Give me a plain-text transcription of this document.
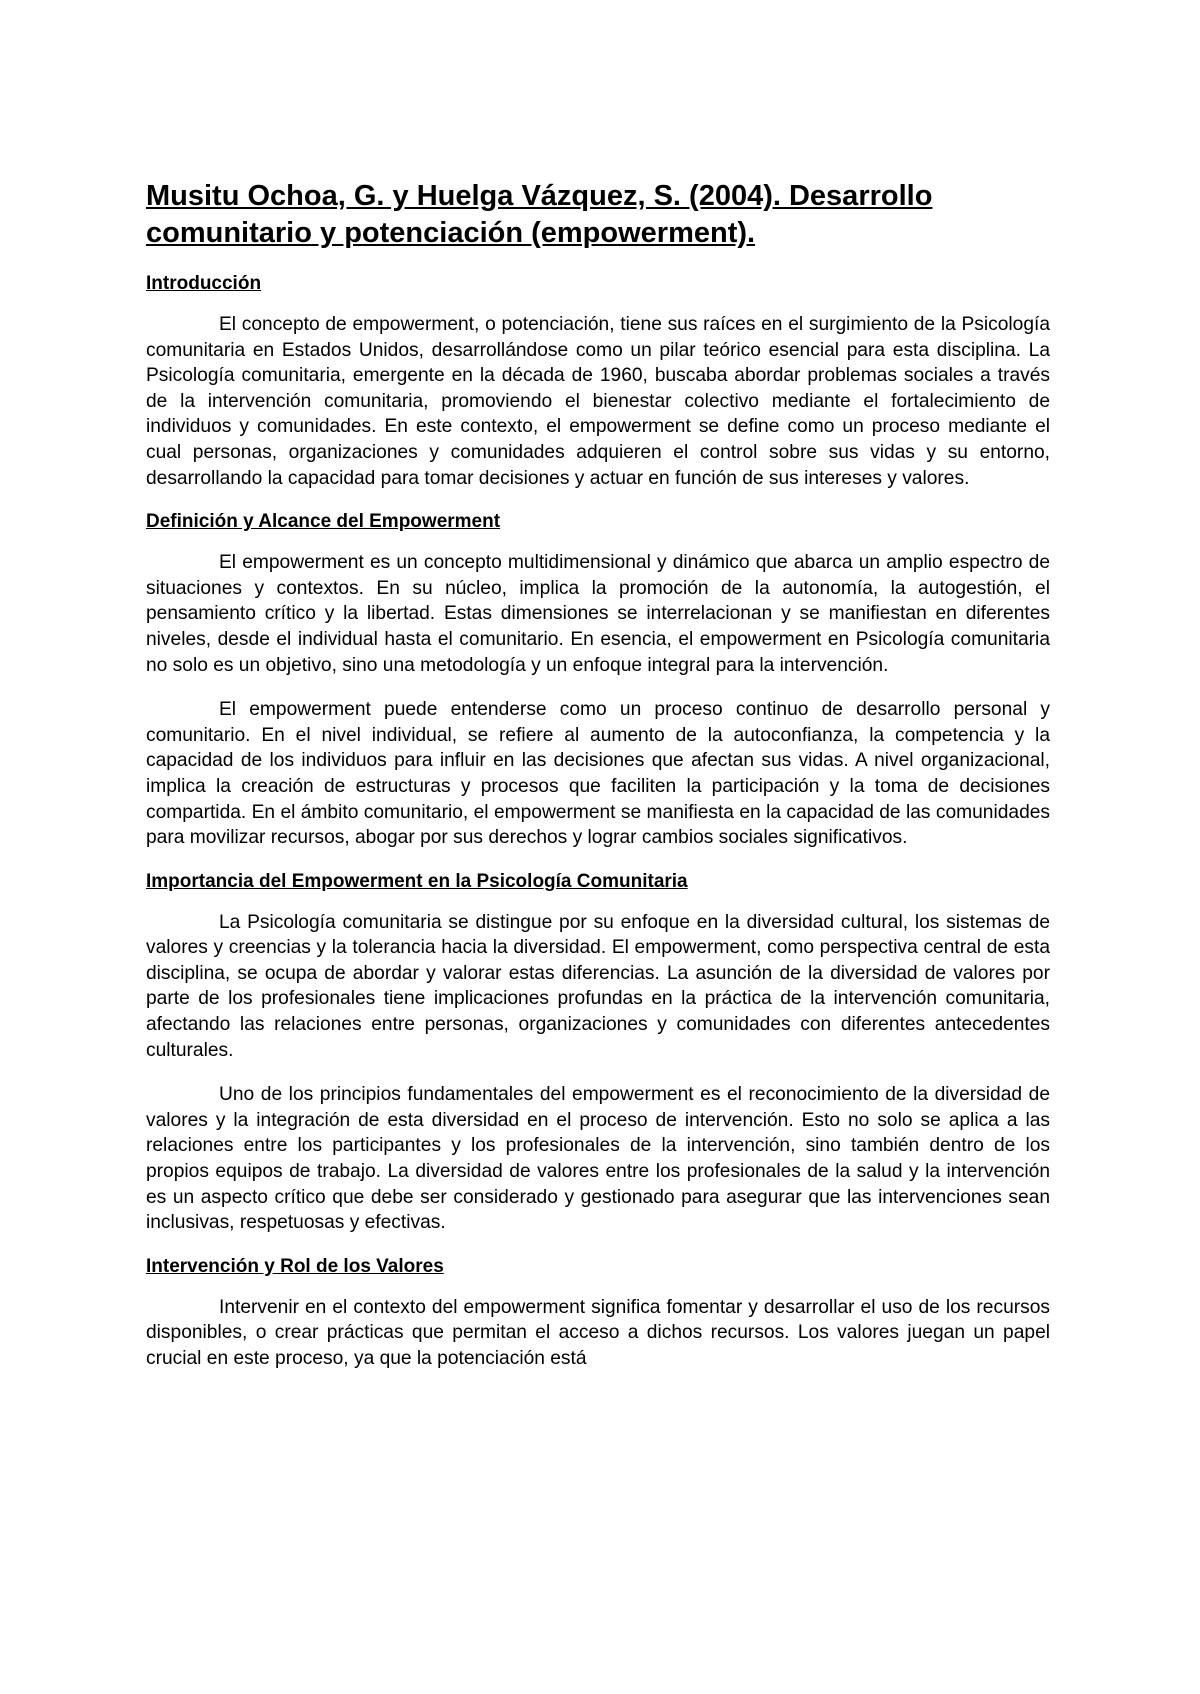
Musitu Ochoa, G. y Huelga Vázquez, S. (2004). Desarrollo comunitario y potenciación (empowerment).
Introducción

El concepto de empowerment, o potenciación, tiene sus raíces en el surgimiento de la Psicología comunitaria en Estados Unidos, desarrollándose como un pilar teórico esencial para esta disciplina. La Psicología comunitaria, emergente en la década de 1960, buscaba abordar problemas sociales a través de la intervención comunitaria, promoviendo el bienestar colectivo mediante el fortalecimiento de individuos y comunidades. En este contexto, el empowerment se define como un proceso mediante el cual personas, organizaciones y comunidades adquieren el control sobre sus vidas y su entorno, desarrollando la capacidad para tomar decisiones y actuar en función de sus intereses y valores.

Definición y Alcance del Empowerment

El empowerment es un concepto multidimensional y dinámico que abarca un amplio espectro de situaciones y contextos. En su núcleo, implica la promoción de la autonomía, la autogestión, el pensamiento crítico y la libertad. Estas dimensiones se interrelacionan y se manifiestan en diferentes niveles, desde el individual hasta el comunitario. En esencia, el empowerment en Psicología comunitaria no solo es un objetivo, sino una metodología y un enfoque integral para la intervención.

El empowerment puede entenderse como un proceso continuo de desarrollo personal y comunitario. En el nivel individual, se refiere al aumento de la autoconfianza, la competencia y la capacidad de los individuos para influir en las decisiones que afectan sus vidas. A nivel organizacional, implica la creación de estructuras y procesos que faciliten la participación y la toma de decisiones compartida. En el ámbito comunitario, el empowerment se manifiesta en la capacidad de las comunidades para movilizar recursos, abogar por sus derechos y lograr cambios sociales significativos.

Importancia del Empowerment en la Psicología Comunitaria

La Psicología comunitaria se distingue por su enfoque en la diversidad cultural, los sistemas de valores y creencias y la tolerancia hacia la diversidad. El empowerment, como perspectiva central de esta disciplina, se ocupa de abordar y valorar estas diferencias. La asunción de la diversidad de valores por parte de los profesionales tiene implicaciones profundas en la práctica de la intervención comunitaria, afectando las relaciones entre personas, organizaciones y comunidades con diferentes antecedentes culturales.

Uno de los principios fundamentales del empowerment es el reconocimiento de la diversidad de valores y la integración de esta diversidad en el proceso de intervención. Esto no solo se aplica a las relaciones entre los participantes y los profesionales de la intervención, sino también dentro de los propios equipos de trabajo. La diversidad de valores entre los profesionales de la salud y la intervención es un aspecto crítico que debe ser considerado y gestionado para asegurar que las intervenciones sean inclusivas, respetuosas y efectivas.

Intervención y Rol de los Valores

Intervenir en el contexto del empowerment significa fomentar y desarrollar el uso de los recursos disponibles, o crear prácticas que permitan el acceso a dichos recursos. Los valores juegan un papel crucial en este proceso, ya que la potenciación está
